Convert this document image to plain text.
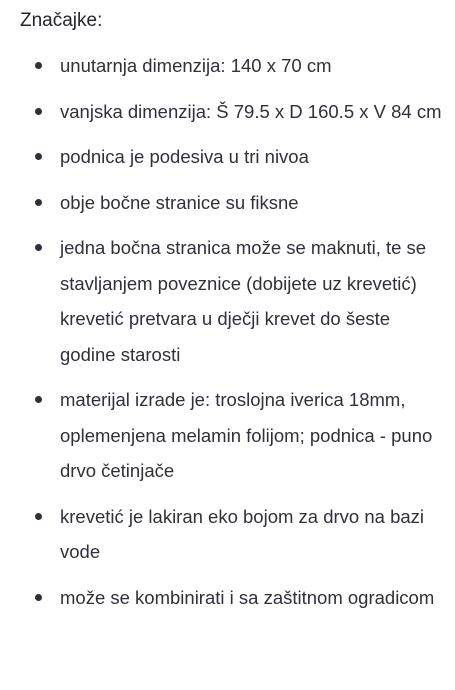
Značajke:
unutarnja dimenzija: 140 x 70 cm
vanjska dimenzija: Š 79.5 x D 160.5 x V 84 cm
podnica je podesiva u tri nivoa
obje bočne stranice su fiksne
jedna bočna stranica može se maknuti, te se stavljanjem poveznice (dobijete uz krevetić) krevetić pretvara u dječji krevet do šeste godine starosti
materijal izrade je: troslojna iverica 18mm, oplemenjena melamin folijom; podnica - puno drvo četinjače
krevetić je lakiran eko bojom za drvo na bazi vode
može se kombinirati i sa zaštitnom ogradicom
